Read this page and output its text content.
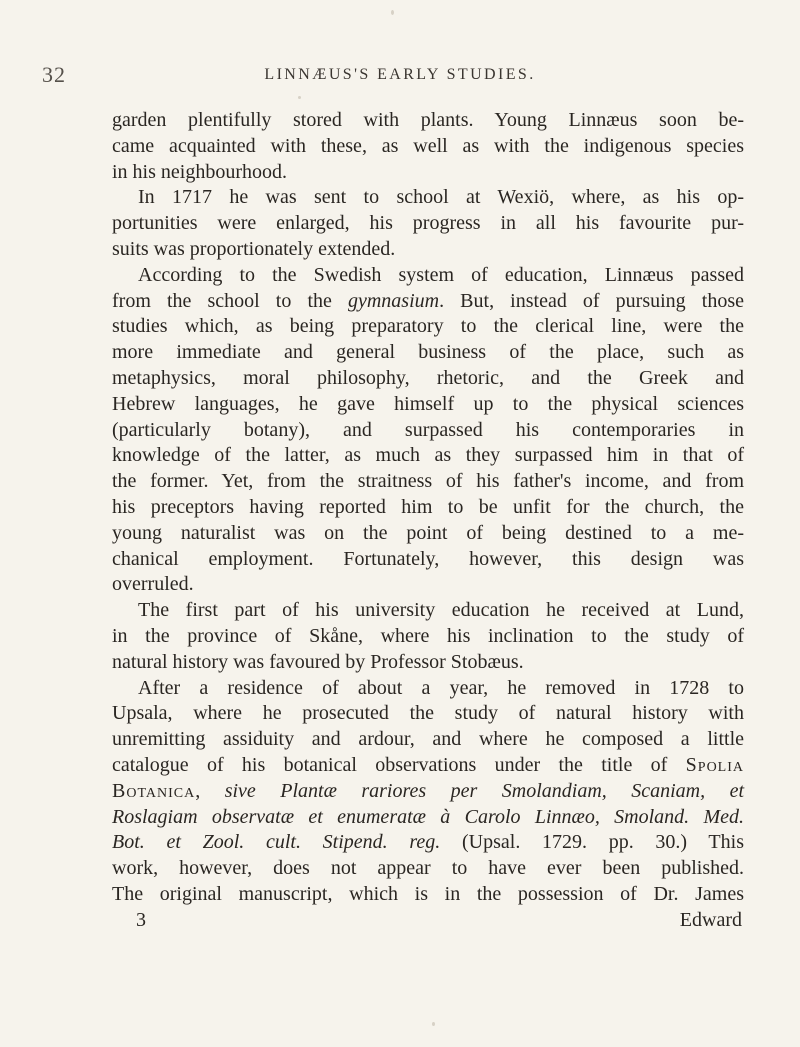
32	LINNÆUS'S EARLY STUDIES.
garden plentifully stored with plants. Young Linnæus soon be-
came acquainted with these, as well as with the indigenous species
in his neighbourhood.
In 1717 he was sent to school at Wexiö, where, as his op-
portunities were enlarged, his progress in all his favourite pur-
suits was proportionately extended.
According to the Swedish system of education, Linnæus passed
from the school to the gymnasium. But, instead of pursuing those
studies which, as being preparatory to the clerical line, were the
more immediate and general business of the place, such as
metaphysics, moral philosophy, rhetoric, and the Greek and
Hebrew languages, he gave himself up to the physical sciences
(particularly botany), and surpassed his contemporaries in
knowledge of the latter, as much as they surpassed him in that of
the former. Yet, from the straitness of his father's income, and from
his preceptors having reported him to be unfit for the church, the
young naturalist was on the point of being destined to a me-
chanical employment. Fortunately, however, this design was
overruled.
The first part of his university education he received at Lund,
in the province of Skåne, where his inclination to the study of
natural history was favoured by Professor Stobæus.
After a residence of about a year, he removed in 1728 to
Upsala, where he prosecuted the study of natural history with
unremitting assiduity and ardour, and where he composed a little
catalogue of his botanical observations under the title of Spolia
Botanica, sive Plantæ rariores per Smolandiam, Scaniam, et
Roslagiam observatæ et enumeratæ à Carolo Linnæo, Smoland. Med.
Bot. et Zool. cult. Stipend. reg. (Upsal. 1729. pp. 30.) This
work, however, does not appear to have ever been published.
The original manuscript, which is in the possession of Dr. James
3	Edward
